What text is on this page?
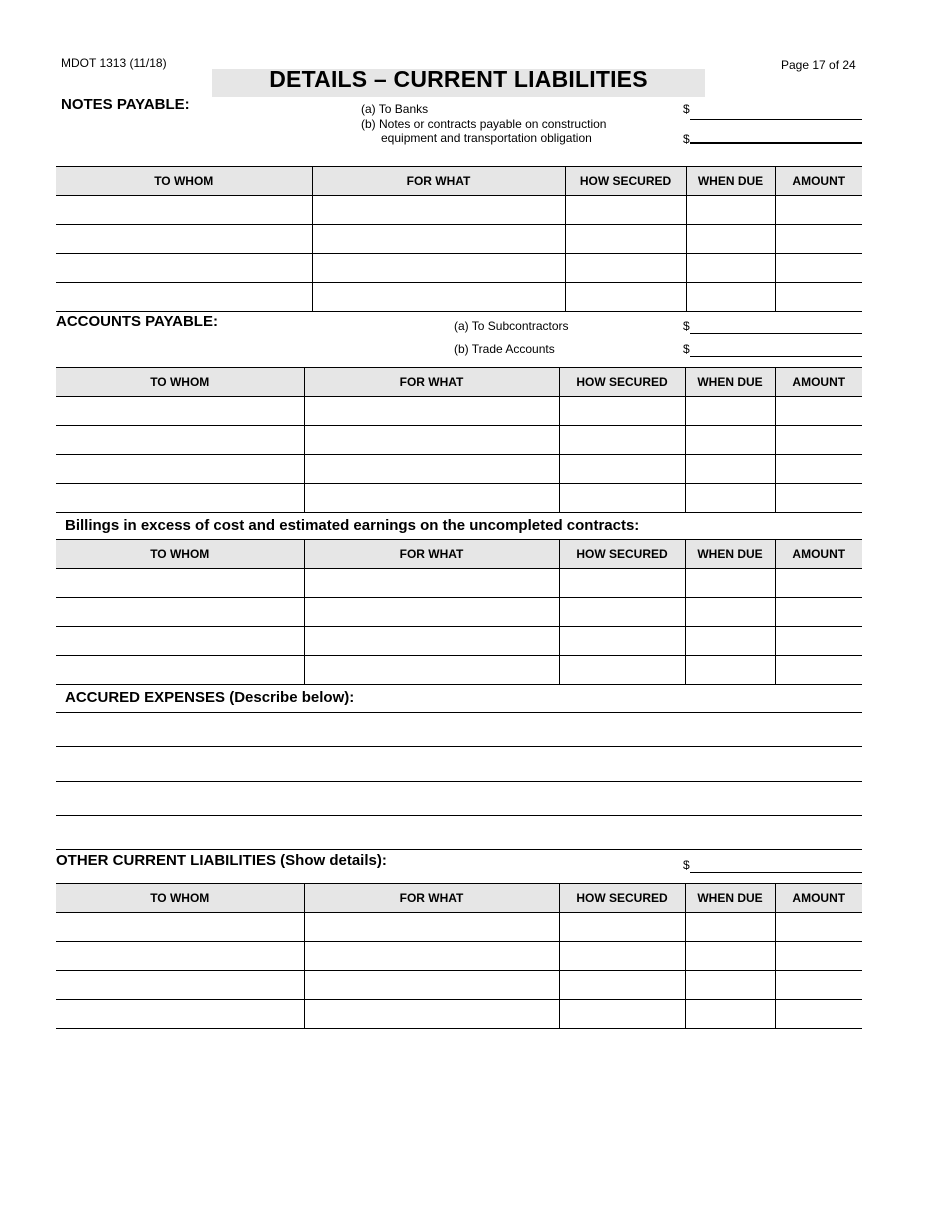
MDOT 1313 (11/18)	Page 17 of 24
DETAILS – CURRENT LIABILITIES
NOTES PAYABLE:	(a) To Banks
(b) Notes or contracts payable on construction
equipment and transportation obligation
$
$
TO WHOM	FOR WHAT	HOW SECURED	WHEN DUE	AMOUNT

ACCOUNTS PAYABLE:	(a) To Subcontractors	$
(b) Trade Accounts	$
TO WHOM	FOR WHAT	HOW SECURED	WHEN DUE	AMOUNT

Billings in excess of cost and estimated earnings on the uncompleted contracts:
TO WHOM	FOR WHAT	HOW SECURED	WHEN DUE	AMOUNT

ACCURED EXPENSES (Describe below):
OTHER CURRENT LIABILITIES (Show details):	$
TO WHOM	FOR WHAT	HOW SECURED	WHEN DUE	AMOUNT
